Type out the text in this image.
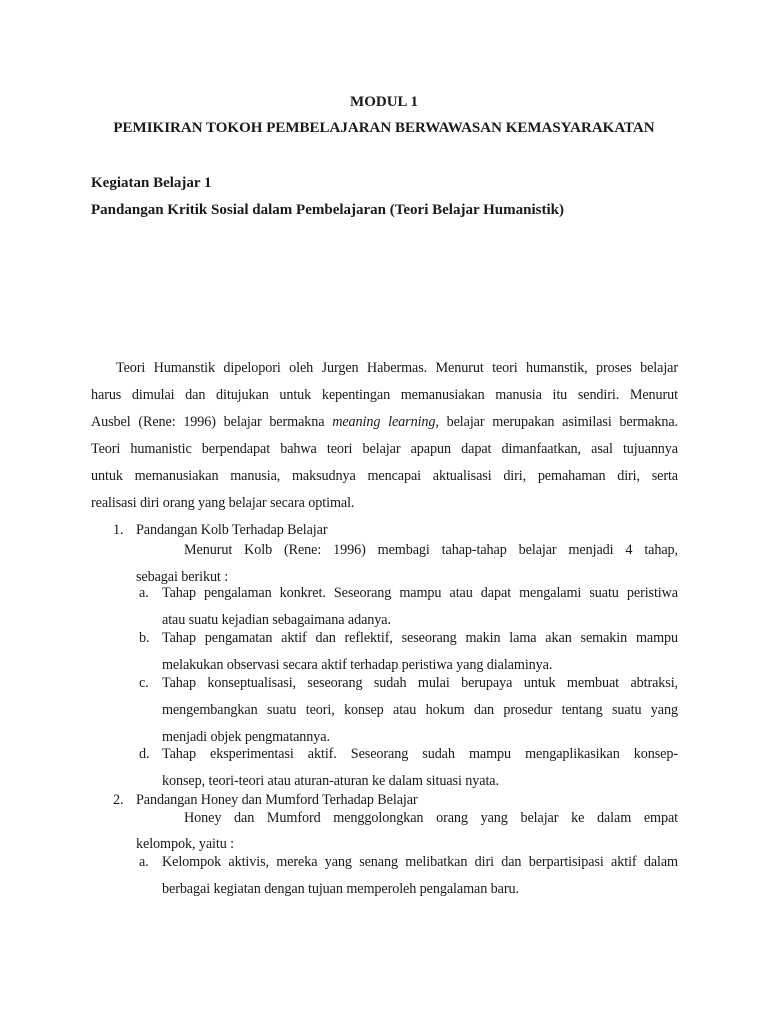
MODUL 1
PEMIKIRAN TOKOH PEMBELAJARAN BERWAWASAN KEMASYARAKATAN
Kegiatan Belajar 1
Pandangan Kritik Sosial dalam Pembelajaran (Teori Belajar Humanistik)
Teori Humanstik dipelopori oleh Jurgen Habermas. Menurut teori humanstik, proses belajar
harus dimulai dan ditujukan untuk kepentingan memanusiakan manusia itu sendiri. Menurut
Ausbel (Rene: 1996) belajar bermakna meaning learning, belajar merupakan asimilasi bermakna.
Teori humanistic berpendapat bahwa teori belajar apapun dapat dimanfaatkan, asal tujuannya
untuk memanusiakan manusia, maksudnya mencapai aktualisasi diri, pemahaman diri, serta
realisasi diri orang yang belajar secara optimal.
1. Pandangan Kolb Terhadap Belajar
Menurut Kolb (Rene: 1996) membagi tahap-tahap belajar menjadi 4 tahap,
sebagai berikut :
a. Tahap pengalaman konkret. Seseorang mampu atau dapat mengalami suatu peristiwa
atau suatu kejadian sebagaimana adanya.
b. Tahap pengamatan aktif dan reflektif, seseorang makin lama akan semakin mampu
melakukan observasi secara aktif terhadap peristiwa yang dialaminya.
c. Tahap konseptualisasi, seseorang sudah mulai berupaya untuk membuat abtraksi,
mengembangkan suatu teori, konsep atau hokum dan prosedur tentang suatu yang
menjadi objek pengmatannya.
d. Tahap eksperimentasi aktif. Seseorang sudah mampu mengaplikasikan konsep-
konsep, teori-teori atau aturan-aturan ke dalam situasi nyata.
2. Pandangan Honey dan Mumford Terhadap Belajar
Honey dan Mumford menggolongkan orang yang belajar ke dalam empat
kelompok, yaitu :
a. Kelompok aktivis, mereka yang senang melibatkan diri dan berpartisipasi aktif dalam
berbagai kegiatan dengan tujuan memperoleh pengalaman baru.
